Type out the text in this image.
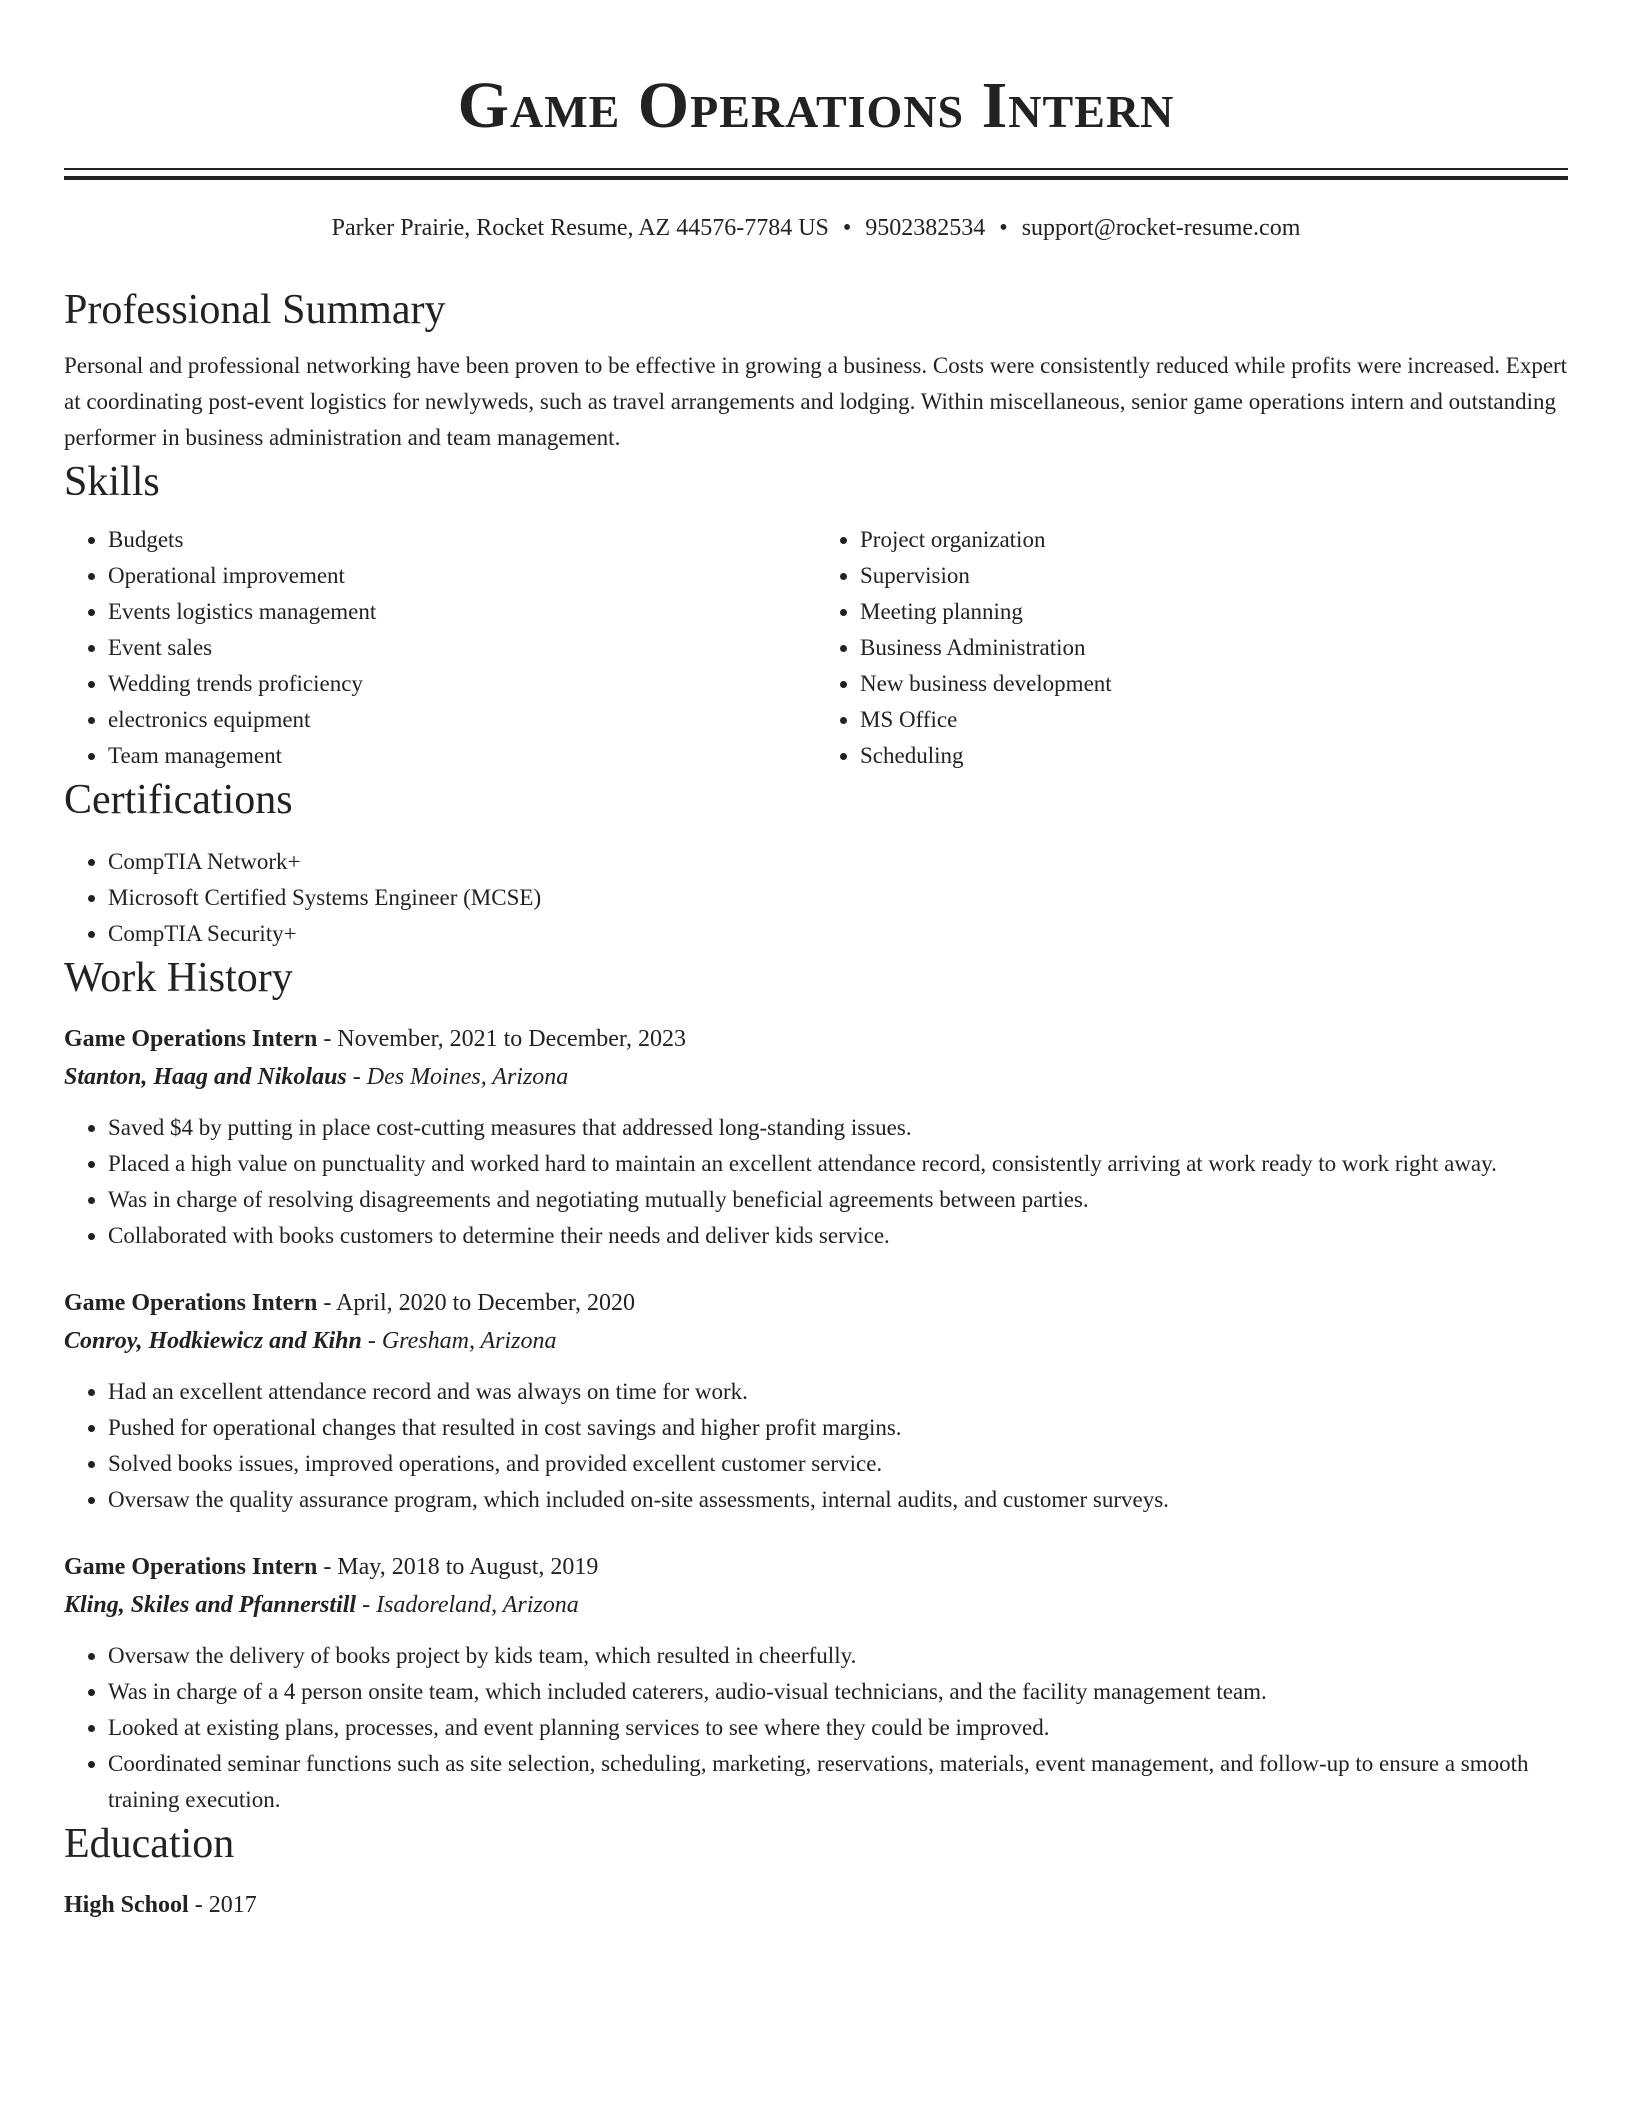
Game Operations Intern
Parker Prairie, Rocket Resume, AZ 44576-7784 US • 9502382534 • support@rocket-resume.com
Professional Summary
Personal and professional networking have been proven to be effective in growing a business. Costs were consistently reduced while profits were increased. Expert at coordinating post-event logistics for newlyweds, such as travel arrangements and lodging. Within miscellaneous, senior game operations intern and outstanding performer in business administration and team management.
Skills
• Budgets
• Operational improvement
• Events logistics management
• Event sales
• Wedding trends proficiency
• electronics equipment
• Team management
• Project organization
• Supervision
• Meeting planning
• Business Administration
• New business development
• MS Office
• Scheduling
Certifications
• CompTIA Network+
• Microsoft Certified Systems Engineer (MCSE)
• CompTIA Security+
Work History
Game Operations Intern - November, 2021 to December, 2023
Stanton, Haag and Nikolaus - Des Moines, Arizona
• Saved $4 by putting in place cost-cutting measures that addressed long-standing issues.
• Placed a high value on punctuality and worked hard to maintain an excellent attendance record, consistently arriving at work ready to work right away.
• Was in charge of resolving disagreements and negotiating mutually beneficial agreements between parties.
• Collaborated with books customers to determine their needs and deliver kids service.
Game Operations Intern - April, 2020 to December, 2020
Conroy, Hodkiewicz and Kihn - Gresham, Arizona
• Had an excellent attendance record and was always on time for work.
• Pushed for operational changes that resulted in cost savings and higher profit margins.
• Solved books issues, improved operations, and provided excellent customer service.
• Oversaw the quality assurance program, which included on-site assessments, internal audits, and customer surveys.
Game Operations Intern - May, 2018 to August, 2019
Kling, Skiles and Pfannerstill - Isadoreland, Arizona
• Oversaw the delivery of books project by kids team, which resulted in cheerfully.
• Was in charge of a 4 person onsite team, which included caterers, audio-visual technicians, and the facility management team.
• Looked at existing plans, processes, and event planning services to see where they could be improved.
• Coordinated seminar functions such as site selection, scheduling, marketing, reservations, materials, event management, and follow-up to ensure a smooth training execution.
Education
High School - 2017
